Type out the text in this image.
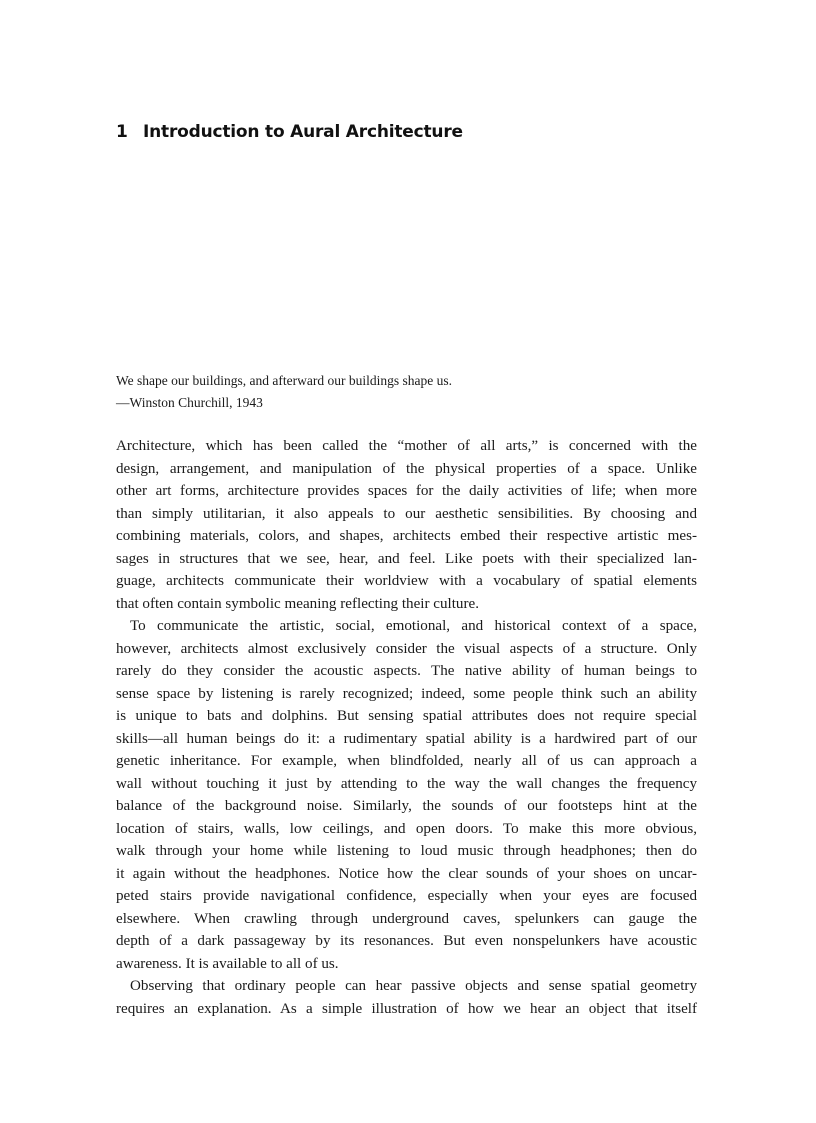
1 Introduction to Aural Architecture

We shape our buildings, and afterward our buildings shape us.

—Winston Churchill, 1943

Architecture, which has been called the “mother of all arts,” is concerned with the
design, arrangement, and manipulation of the physical properties of a space. Unlike
other art forms, architecture provides spaces for the daily activities of life; when more
than simply utilitarian, it also appeals to our aesthetic sensibilities. By choosing and
combining materials, colors, and shapes, architects embed their respective artistic mes-
sages in structures that we see, hear, and feel. Like poets with their specialized lan-
guage, architects communicate their worldview with a vocabulary of spatial elements
that often contain symbolic meaning reflecting their culture.
To communicate the artistic, social, emotional, and historical context of a space,
however, architects almost exclusively consider the visual aspects of a structure. Only
rarely do they consider the acoustic aspects. The native ability of human beings to
sense space by listening is rarely recognized; indeed, some people think such an ability
is unique to bats and dolphins. But sensing spatial attributes does not require special
skills—all human beings do it: a rudimentary spatial ability is a hardwired part of our
genetic inheritance. For example, when blindfolded, nearly all of us can approach a
wall without touching it just by attending to the way the wall changes the frequency
balance of the background noise. Similarly, the sounds of our footsteps hint at the
location of stairs, walls, low ceilings, and open doors. To make this more obvious,
walk through your home while listening to loud music through headphones; then do
it again without the headphones. Notice how the clear sounds of your shoes on uncar-
peted stairs provide navigational confidence, especially when your eyes are focused
elsewhere. When crawling through underground caves, spelunkers can gauge the
depth of a dark passageway by its resonances. But even nonspelunkers have acoustic
awareness. It is available to all of us.
Observing that ordinary people can hear passive objects and sense spatial geometry
requires an explanation. As a simple illustration of how we hear an object that itself
